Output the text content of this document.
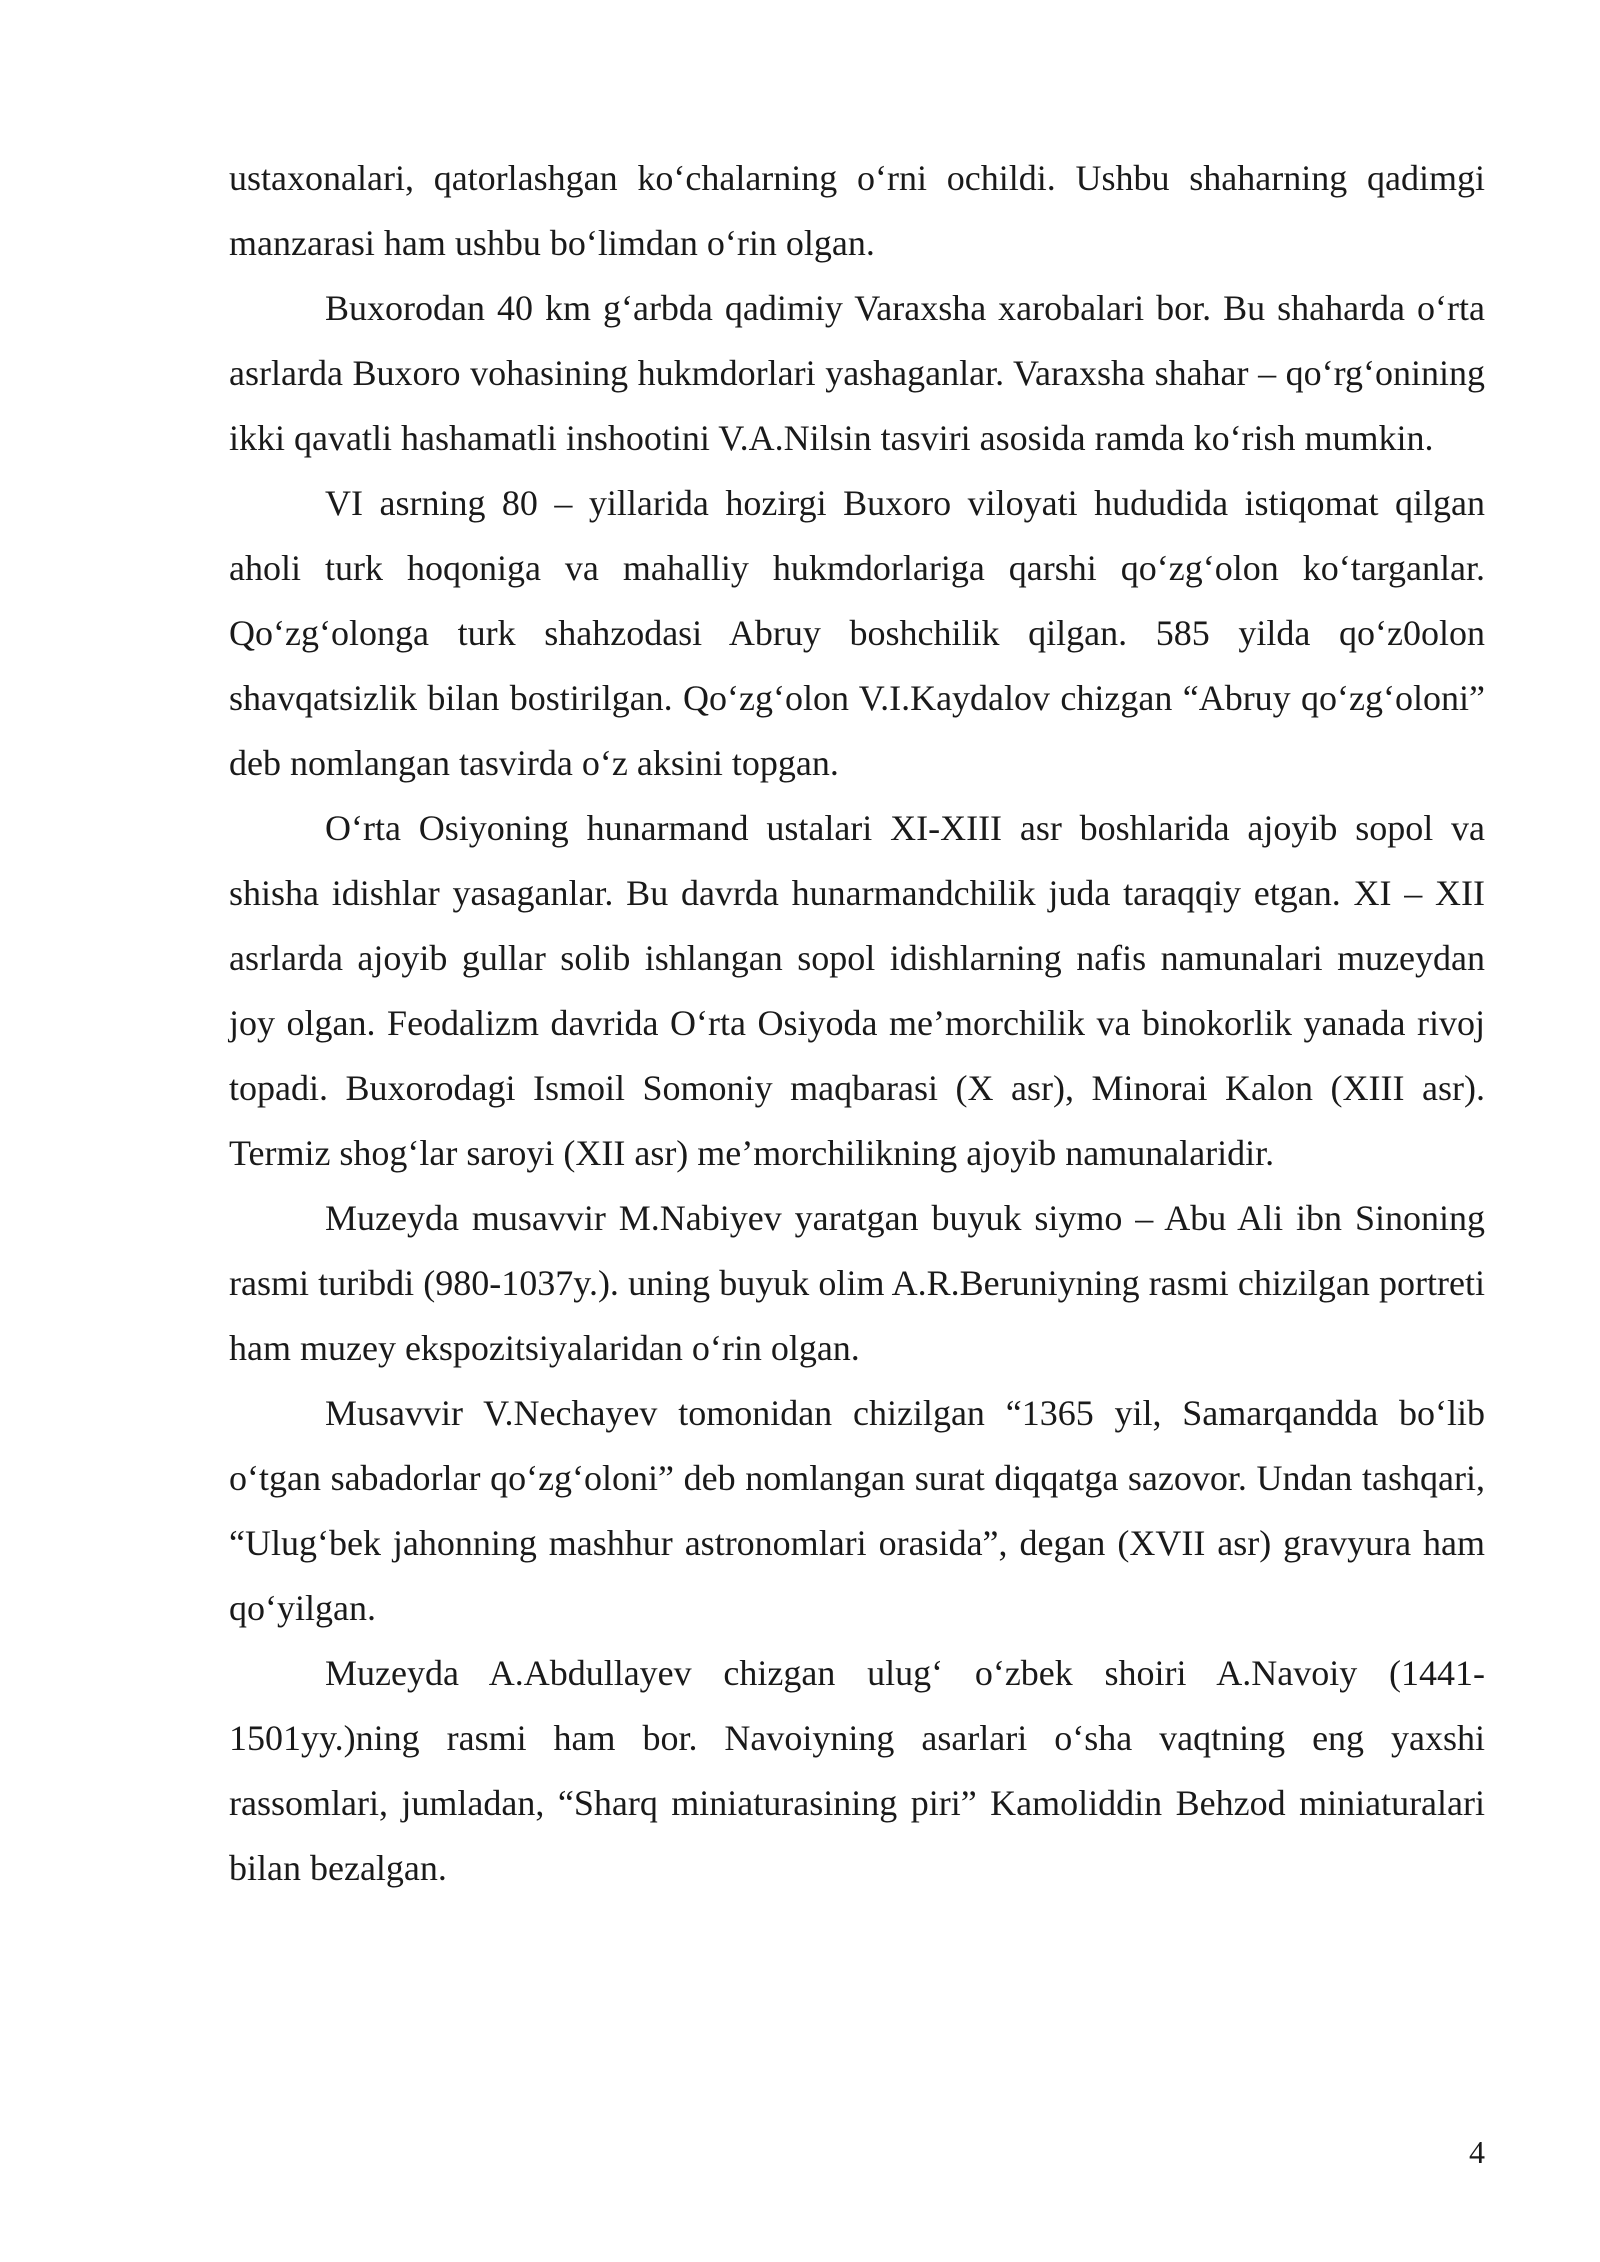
ustaxonalari, qatorlashgan ko‘chalarning o‘rni ochildi. Ushbu shaharning qadimgi manzarasi ham ushbu bo‘limdan o‘rin olgan.

Buxorodan 40 km g‘arbda qadimiy Varaxsha xarobalari bor. Bu shaharda o‘rta asrlarda Buxoro vohasining hukmdorlari yashaganlar. Varaxsha shahar – qo‘rg‘onining ikki qavatli hashamatli inshootini V.A.Nilsin tasviri asosida ramda ko‘rish mumkin.

VI asrning 80 – yillarida hozirgi Buxoro viloyati hududida istiqomat qilgan aholi turk hoqoniga va mahalliy hukmdorlariga qarshi qo‘zg‘olon ko‘targanlar. Qo‘zg‘olonga turk shahzodasi Abruy boshchilik qilgan. 585 yilda qo‘z0olon shavqatsizlik bilan bostirilgan. Qo‘zg‘olon V.I.Kaydalov chizgan “Abruy qo‘zg‘oloni” deb nomlangan tasvirda o‘z aksini topgan.

O‘rta Osiyoning hunarmand ustalari XI-XIII asr boshlarida ajoyib sopol va shisha idishlar yasaganlar. Bu davrda hunarmandchilik juda taraqqiy etgan. XI – XII asrlarda ajoyib gullar solib ishlangan sopol idishlarning nafis namunalari muzeydan joy olgan. Feodalizm davrida O‘rta Osiyoda me’morchilik va binokorlik yanada rivoj topadi. Buxorodagi Ismoil Somoniy maqbarasi (X asr), Minorai Kalon (XIII asr). Termiz shog‘lar saroyi (XII asr) me’morchilikning ajoyib namunalaridir.

Muzeyda musavvir M.Nabiyev yaratgan buyuk siymo – Abu Ali ibn Sinoning rasmi turibdi (980-1037y.). uning buyuk olim A.R.Beruniyning rasmi chizilgan portreti ham muzey ekspozitsiyalaridan o‘rin olgan.

Musavvir V.Nechayev tomonidan chizilgan “1365 yil, Samarqandda bo‘lib o‘tgan sabadorlar qo‘zg‘oloni” deb nomlangan surat diqqatga sazovor. Undan tashqari, “Ulug‘bek jahonning mashhur astronomlari orasida”, degan (XVII asr) gravyura ham qo‘yilgan.

Muzeyda A.Abdullayev chizgan ulug‘ o‘zbek shoiri A.Navoiy (1441-1501yy.)ning rasmi ham bor. Navoiyning asarlari o‘sha vaqtning eng yaxshi rassomlari, jumladan, “Sharq miniaturasining piri” Kamoliddin Behzod miniaturalari bilan bezalgan.

4
